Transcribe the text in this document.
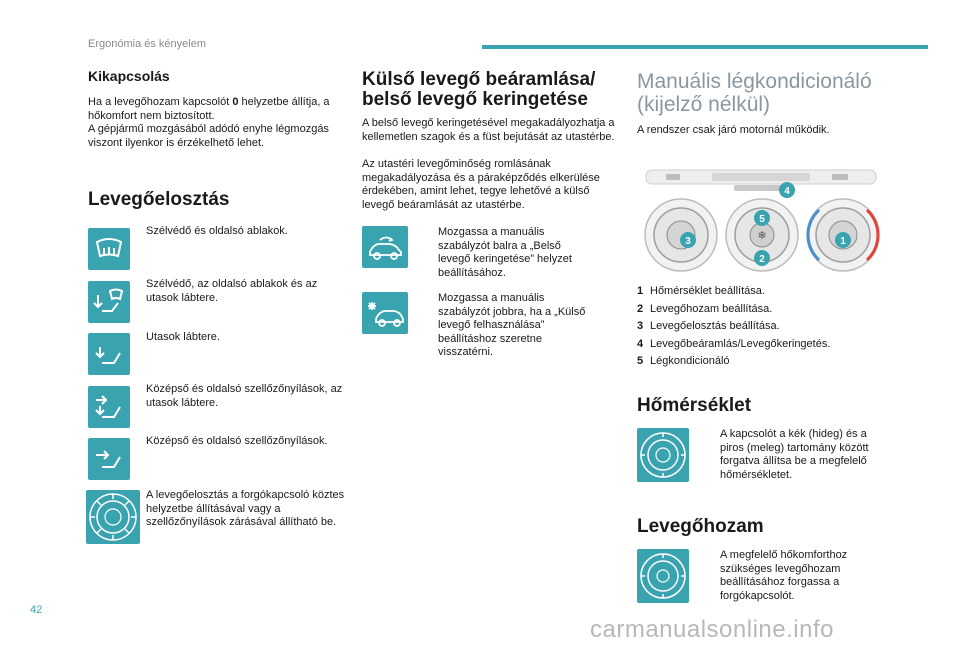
Ergonómia és kényelem
Kikapcsolás

Ha a levegőhozam kapcsolót 0 helyzetbe állítja, a hőkomfort nem biztosított.

A gépjármű mozgásából adódó enyhe légmozgás viszont ilyenkor is érzékelhető lehet.

Levegőelosztás
Szélvédő és oldalsó ablakok.
Szélvédő, az oldalsó ablakok és az utasok lábtere.
Utasok lábtere.
Középső és oldalsó szellőzőnyílások, az utasok lábtere.
Középső és oldalsó szellőzőnyílások.
A levegőelosztás a forgókapcsoló köztes helyzetbe állításával vagy a szellőzőnyílások zárásával állítható be.
Külső levegő beáramlása/
belső levegő keringetése

A belső levegő keringetésével megakadályozhatja a kellemetlen szagok és a füst bejutását az utastérbe.

Az utastéri levegőminőség romlásának megakadályozása és a páraképződés elkerülése érdekében, amint lehet, tegye lehetővé a külső levegő beáramlását az utastérbe.

Mozgassa a manuális szabályzót balra a „Belső levegő keringetése” helyzet beállításához.
Mozgassa a manuális szabályzót jobbra, ha a „Külső levegő felhasználása” beállításhoz szeretne visszatérni.
Manuális légkondicionáló
(kijelző nélkül)

A rendszer csak járó motornál működik.

❄	1
2
3
4
5
1 Hőmérséklet beállítása.
2 Levegőhozam beállítása.
3 Levegőelosztás beállítása.
4 Levegőbeáramlás/Levegőkeringetés.
5 Légkondicionáló
Hőmérséklet
A kapcsolót a kék (hideg) és a piros (meleg) tartomány között forgatva állítsa be a megfelelő hőmérsékletet.
Levegőhozam
A megfelelő hőkomforthoz szükséges levegőhozam beállításához forgassa a forgókapcsolót.
42
carmanualsonline.info
